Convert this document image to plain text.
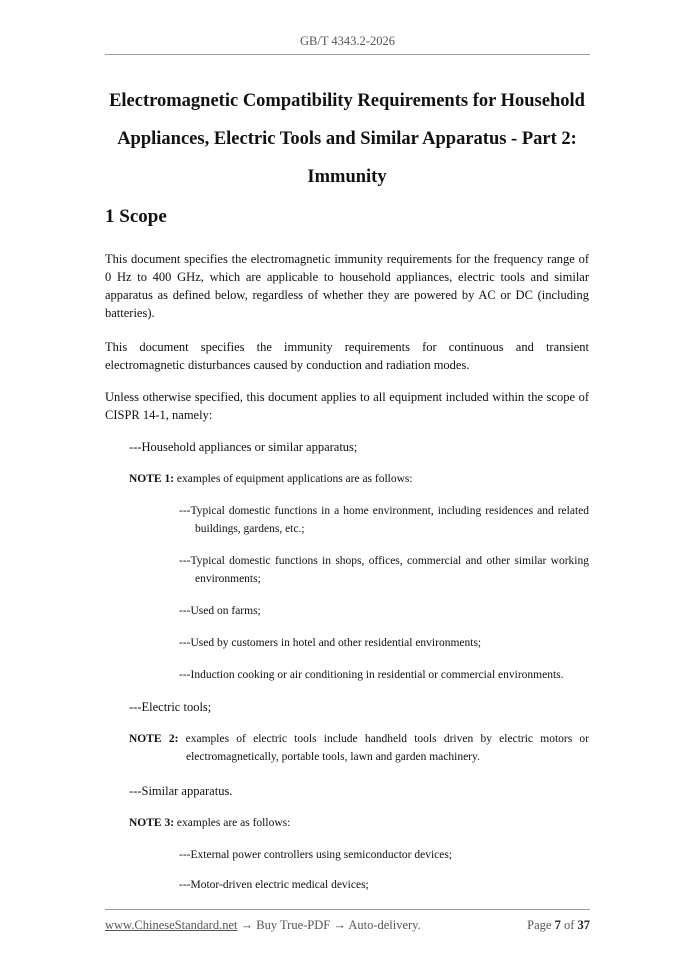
GB/T 4343.2-2026
Electromagnetic Compatibility Requirements for Household Appliances, Electric Tools and Similar Apparatus - Part 2: Immunity
1 Scope

This document specifies the electromagnetic immunity requirements for the frequency range of 0 Hz to 400 GHz, which are applicable to household appliances, electric tools and similar apparatus as defined below, regardless of whether they are powered by AC or DC (including batteries).

This document specifies the immunity requirements for continuous and transient electromagnetic disturbances caused by conduction and radiation modes.

Unless otherwise specified, this document applies to all equipment included within the scope of CISPR 14-1, namely:

---Household appliances or similar apparatus;

NOTE 1: examples of equipment applications are as follows:

---Typical domestic functions in a home environment, including residences and related buildings, gardens, etc.;

---Typical domestic functions in shops, offices, commercial and other similar working environments;

---Used on farms;

---Used by customers in hotel and other residential environments;

---Induction cooking or air conditioning in residential or commercial environments.

---Electric tools;

NOTE 2: examples of electric tools include handheld tools driven by electric motors or electromagnetically, portable tools, lawn and garden machinery.

---Similar apparatus.

NOTE 3: examples are as follows:

---External power controllers using semiconductor devices;

---Motor-driven electric medical devices;

www.ChineseStandard.net → Buy True-PDF → Auto-delivery.	Page 7 of 37
